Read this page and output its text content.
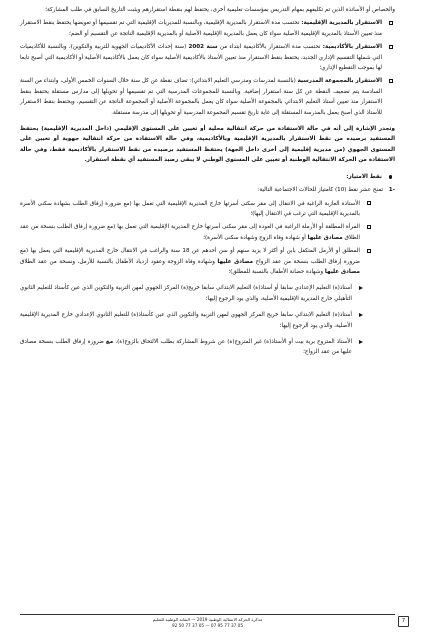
والخصاص أو الأساتذة الذين تم تكليفهم بمهام التدريس بمؤسسات تعليمية أخرى، يحتفظ لهم بنقطة استقرارهم ويثبت التاريخ السابق في طلب المشاركة؛

الاستقرار بالمديرية الإقليمية: تحتسب مدة الاستقرار بالمديرية الإقليمية، وبالنسبة للمديريات الإقليمية التي تم تقسيمها أو تعويضها يحتفظ بنقط الاستقرار منذ تعيين الأستاذ بالمديرية الإقليمية الأصلية سواء كان يعمل بالمديرية الإقليمية الأصلية أو بالمديرية الإقليمية الناتجة عن التقسيم أو الضم؛
الاستقرار بالأكاديمية: تحتسب مدة الاستقرار بالأكاديمية ابتداء من سنة 2002 (سنة إحداث الأكاديميات الجهوية للتربية والتكوين)، وبالنسبة للأكاديميات التي شملها التقسيم الإداري الجديد، يحتفظ بنقط الاستقرار منذ تعيين الأستاذ بالأكاديمية الأصلية سواء كان يعمل بالأكاديمية الأصلية أو الأكاديمية التي أصبح تابعا لها بموجب التقطيع الإداري؛
الاستقرار بالمجموعة المدرسية (بالنسبة لمدرسات ومدرسي التعليم الابتدائي): تضاف نقطة عن كل سنة خلال السنوات الخمس الأولى، وابتداء من السنة السادسة يتم تضعيف النقطة عن كل سنة استقرار إضافية. وبالنسبة للمجموعات المدرسية التي تم تقسيمها أو تحويلها إلى مدارس مستقلة يحتفظ بنقط الاستقرار منذ تعيين أستاذ التعليم الابتدائي بالمجموعة الأصلية سواء كان يعمل بالمجموعة الأصلية أو المجموعة الناتجة عن التقسيم، ويحتفظ بنقط الاستقرار للأستاذ الذي أصبح يعمل بالمدرسة المستقلة إلى غاية تاريخ تقسيم المجموعة المدرسية أو تحويلها إلى مدرسة مستقلة.

وتجدر الإشارة إلى أنه في حالة الاستفادة من حركة انتقالية محلية أو تعيين على المستوى الإقليمي (داخل المديرية الإقليمية) يحتفظ المستفيد برصيده من نقط الاستقرار بالمديرية الإقليمية وبالأكاديمية، وفي حالة الاستفادة من حركة انتقالية جهوية أو تعيين على المستوى الجهوي (من مديرية إقليمية إلى أخرى داخل الجهة) يحتفظ المستفيد برصيده من نقط الاستقرار بالأكاديمية فقط، وفي حالة الاستفادة من الحركة الانتقالية الوطنية أو تعيين على المستوى الوطني لا يبقى رصيد المستفيد أي نقطة استقرار.

نقط الامتياز:
-1
تمنح عشر نقط (10) كامتياز للحالات الاجتماعية التالية:
الأستاذة العازبة الراغبة في الانتقال إلى مقر سكنى أسرتها خارج المديرية الإقليمية التي تعمل بها (مع ضرورة إرفاق الطلب بشهادة سكنى الأسرة بالمديرية الإقليمية التي ترغب في الانتقال إليها)؛
المرأة المطلقة أو الأرملة الراغبة في العودة إلى مقر سكنى أسرتها خارج المديرية الإقليمية التي تعمل بها (مع ضرورة إرفاق الطلب بنسخة من عقد الطلاق مصادق عليها أو شهادة وفاة الزوج وشهادة سكنى الأسرة)؛
المطلق أو الأرمل المتكفل بابن أو أكثر لا يزيد سنهم أو سن أحدهم عن 18 سنة والراغب في الانتقال خارج المديرية الإقليمية التي يعمل بها (مع ضرورة إرفاق الطلب بنسخة من عقد الزواج مصادق عليها وشهادة وفاة الزوجة وعقود ازدياد الأطفال بالنسبة للأرمل، ونسخة من عقد الطلاق مصادق عليها وشهادة حضانة الأطفال بالنسبة للمطلق)؛
أستاذ(ة) التعليم الإعدادي سابقا أو أستاذ(ة) التعليم الابتدائي سابقا خريج(ة) المركز الجهوي لمهن التربية والتكوين الذي عين كأستاذ للتعليم الثانوي التأهيلي خارج المديرية الإقليمية الأصلية، والذي يود الرجوع إليها؛
أستاذ(ة) التعليم الابتدائي سابقا خريج المركز الجهوي لمهن التربية والتكوين الذي عين كأستاذ(ة) للتعليم الثانوي الإعدادي خارج المديرية الإقليمية الأصلية، والذي يود الرجوع إليها؛
الأستاذ المتزوج برية بيت أو الأستاذ(ة) غير المتزوج(ة) عن شروط المشاركة بطلب الالتحاق بالزوج(ة)، مع ضرورة إرفاق الطلب بنسخة مصادق عليها من عقد الزواج؛
مذكرة الحركة الانتقالية الوطنية 2019 — النقابة الوطنية للتعليم
05 37 77 95 07 — 05 37 77 50 92
7
